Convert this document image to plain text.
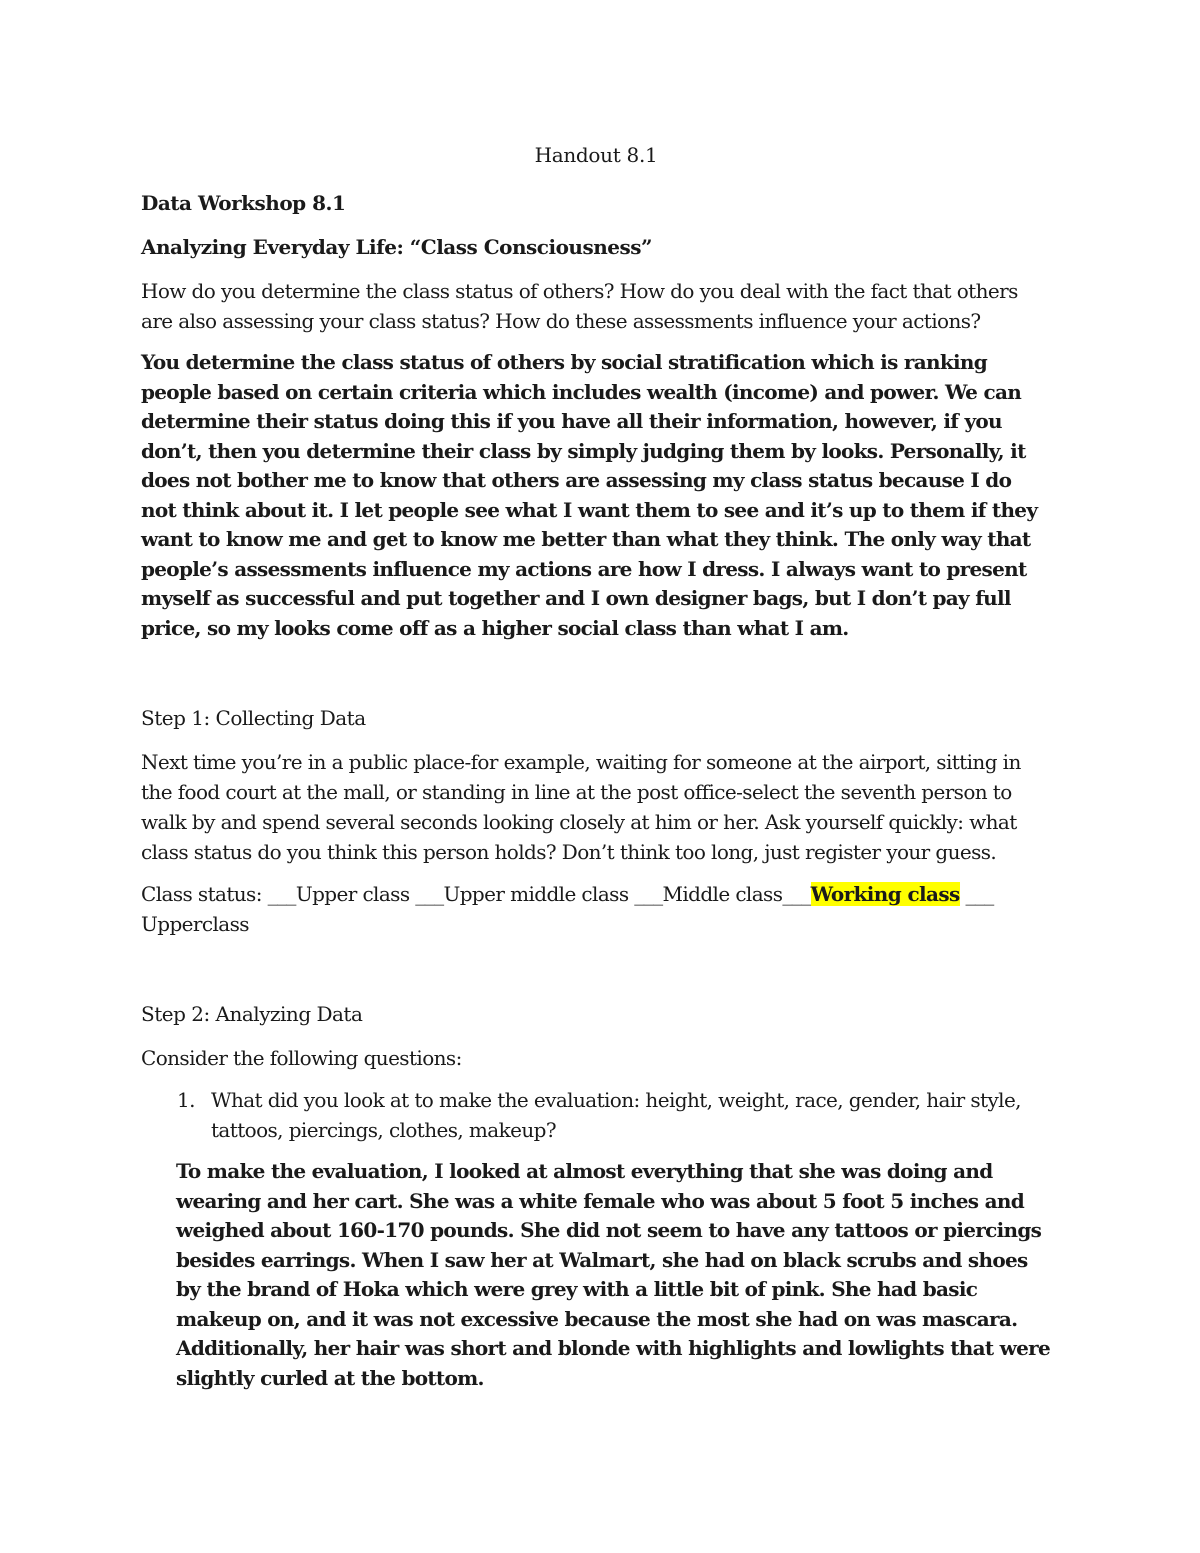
Handout 8.1
Data Workshop 8.1
Analyzing Everyday Life: “Class Consciousness”
How do you determine the class status of others? How do you deal with the fact that others are also assessing your class status? How do these assessments influence your actions?
You determine the class status of others by social stratification which is ranking people based on certain criteria which includes wealth (income) and power. We can determine their status doing this if you have all their information, however, if you don’t, then you determine their class by simply judging them by looks. Personally, it does not bother me to know that others are assessing my class status because I do not think about it. I let people see what I want them to see and it’s up to them if they want to know me and get to know me better than what they think. The only way that people’s assessments influence my actions are how I dress. I always want to present myself as successful and put together and I own designer bags, but I don’t pay full price, so my looks come off as a higher social class than what I am.
Step 1: Collecting Data
Next time you’re in a public place-for example, waiting for someone at the airport, sitting in the food court at the mall, or standing in line at the post office-select the seventh person to walk by and spend several seconds looking closely at him or her. Ask yourself quickly: what class status do you think this person holds? Don’t think too long, just register your guess.
Class status: ___Upper class ___Upper middle class ___Middle class___Working class ___ Upperclass
Step 2: Analyzing Data
Consider the following questions:
1. What did you look at to make the evaluation: height, weight, race, gender, hair style, tattoos, piercings, clothes, makeup?
To make the evaluation, I looked at almost everything that she was doing and wearing and her cart. She was a white female who was about 5 foot 5 inches and weighed about 160-170 pounds. She did not seem to have any tattoos or piercings besides earrings. When I saw her at Walmart, she had on black scrubs and shoes by the brand of Hoka which were grey with a little bit of pink. She had basic makeup on, and it was not excessive because the most she had on was mascara. Additionally, her hair was short and blonde with highlights and lowlights that were slightly curled at the bottom.
